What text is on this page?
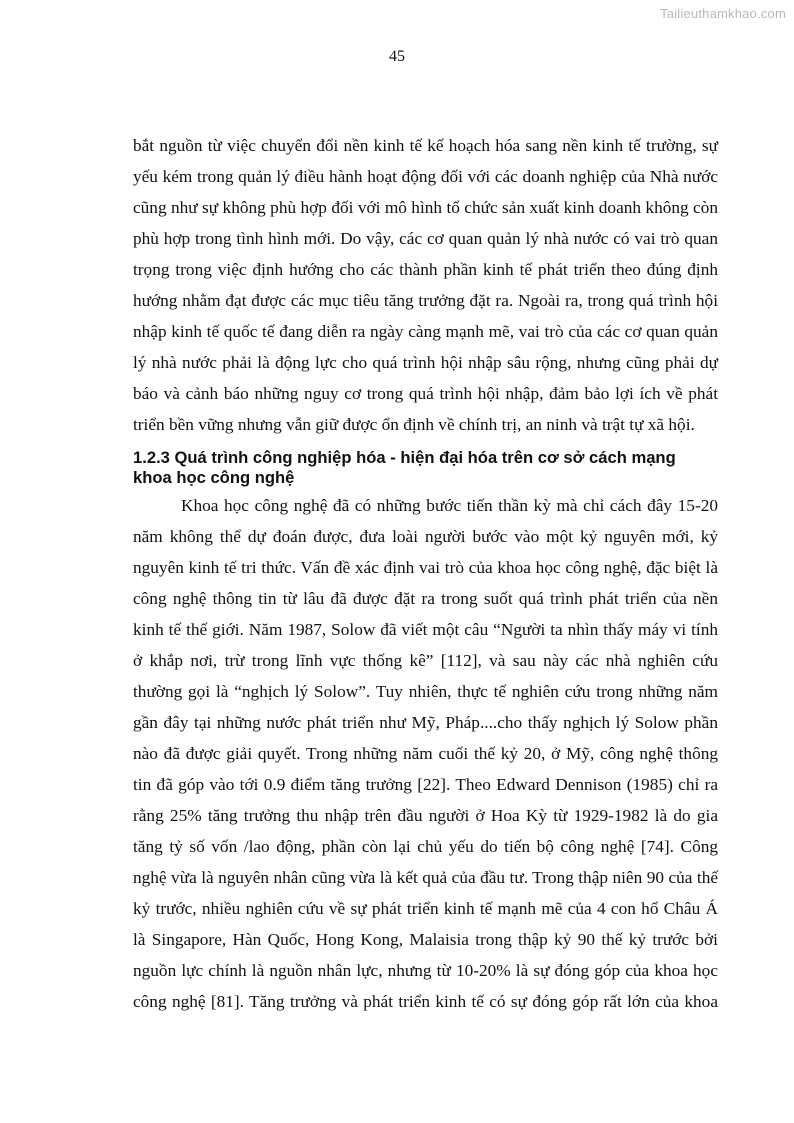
Tailieuthamkhao.com
45
bắt nguồn từ việc chuyển đổi nền kinh tế kế hoạch hóa sang nền kinh tế trường, sự
yếu kém trong quản lý điều hành hoạt động đối với các doanh nghiệp của Nhà nước
cũng như sự không phù hợp đối với mô hình tổ chức sản xuất kinh doanh không còn
phù hợp trong tình hình mới. Do vậy, các cơ quan quản lý nhà nước có vai trò quan
trọng trong việc định hướng cho các thành phần kinh tế phát triển theo đúng định
hướng nhằm đạt được các mục tiêu tăng trưởng đặt ra. Ngoài ra, trong quá trình hội
nhập kinh tế quốc tế đang diễn ra ngày càng mạnh mẽ, vai trò của các cơ quan quản
lý nhà nước phải là động lực cho quá trình hội nhập sâu rộng, nhưng cũng phải dự
báo và cảnh báo những nguy cơ trong quá trình hội nhập, đảm bảo lợi ích về phát
triển bền vững nhưng vẫn giữ được ổn định về chính trị, an ninh và trật tự xã hội.

1.2.3 Quá trình công nghiệp hóa - hiện đại hóa trên cơ sở cách mạng

khoa học công nghệ

Khoa học công nghệ đã có những bước tiến thần kỳ mà chỉ cách đây 15-20
năm không thể dự đoán được, đưa loài người bước vào một kỷ nguyên mới, kỷ
nguyên kinh tế tri thức. Vấn đề xác định vai trò của khoa học công nghệ, đặc biệt là
công nghệ thông tin từ lâu đã được đặt ra trong suốt quá trình phát triển của nền
kinh tế thế giới. Năm 1987, Solow đã viết một câu “Người ta nhìn thấy máy vi tính
ở khắp nơi, trừ trong lĩnh vực thống kê” [112], và sau này các nhà nghiên cứu
thường gọi là “nghịch lý Solow”. Tuy nhiên, thực tế nghiên cứu trong những năm
gần đây tại những nước phát triển như Mỹ, Pháp....cho thấy nghịch lý Solow phần
nào đã được giải quyết. Trong những năm cuối thế kỷ 20, ở Mỹ, công nghệ thông
tin đã góp vào tới 0.9 điểm tăng trưởng [22]. Theo Edward Dennison (1985) chỉ ra
rằng 25% tăng trưởng thu nhập trên đầu người ở Hoa Kỳ từ 1929-1982 là do gia
tăng tỷ số vốn /lao động, phần còn lại chủ yếu do tiến bộ công nghệ [74]. Công
nghệ vừa là nguyên nhân cũng vừa là kết quả của đầu tư. Trong thập niên 90 của thế
kỷ trước, nhiều nghiên cứu về sự phát triển kinh tế mạnh mẽ của 4 con hổ Châu Á
là Singapore, Hàn Quốc, Hong Kong, Malaisia trong thập kỷ 90 thế kỷ trước bởi
nguồn lực chính là nguồn nhân lực, nhưng từ 10-20% là sự đóng góp của khoa học
công nghệ [81]. Tăng trưởng và phát triển kinh tế có sự đóng góp rất lớn của khoa
